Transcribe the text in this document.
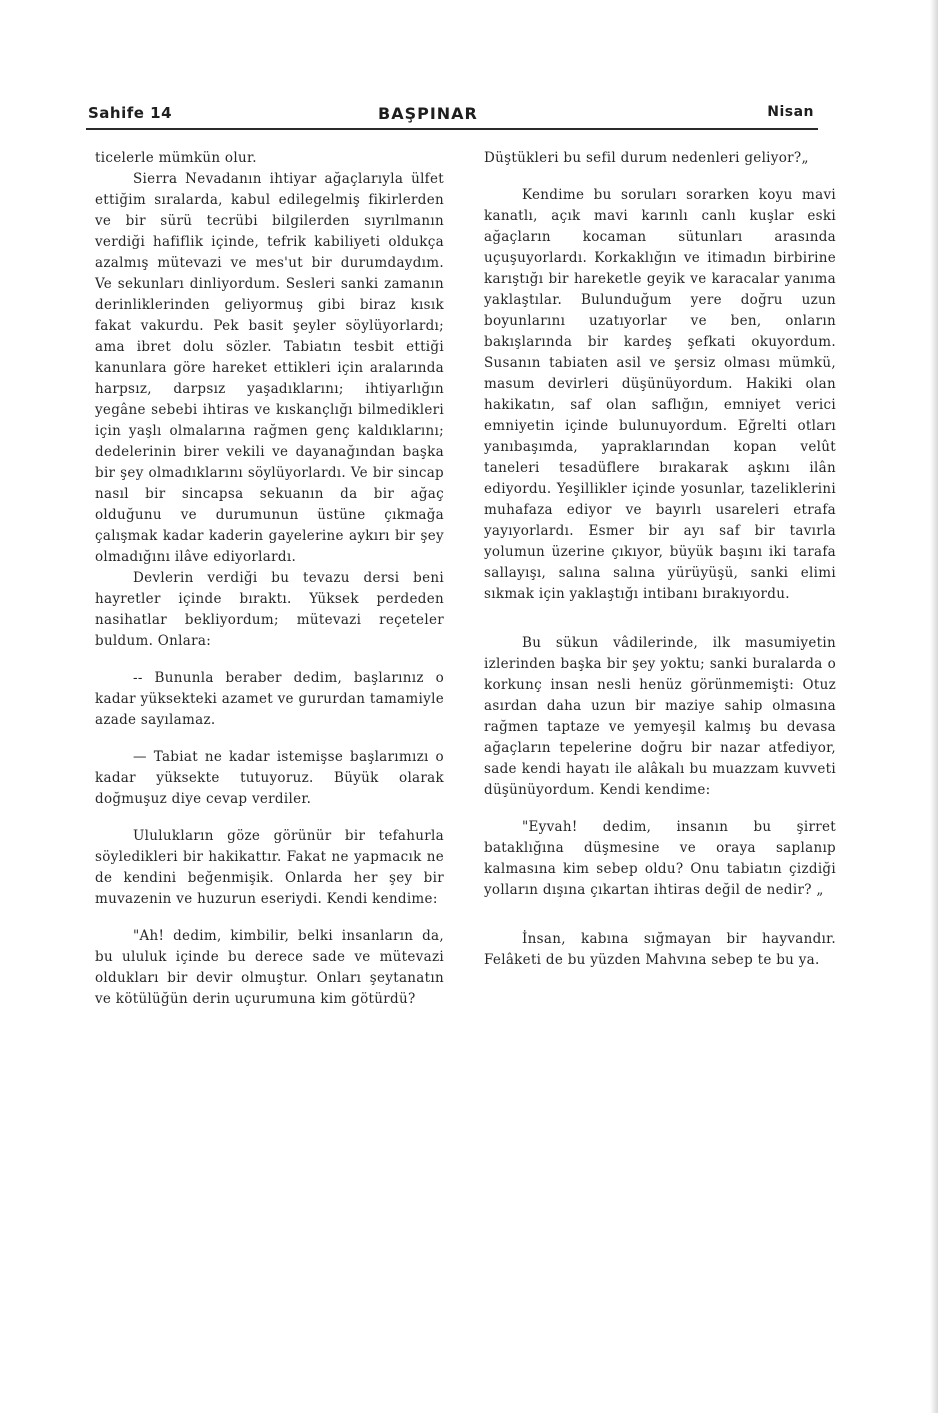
Sahife 14	BAŞPINAR	Nisan

ticelerle mümkün olur.

Sierra Nevadanın ihtiyar ağaçlarıyla ülfet ettiğim sıralarda, kabul edilegelmiş fikirlerden ve bir sürü tecrübi bilgilerden sıyrılmanın verdiği hafiflik içinde, tefrik kabiliyeti oldukça azalmış mütevazi ve mes'ut bir durumdaydım. Ve sekunları dinliyordum. Sesleri sanki zamanın derinliklerinden geliyormuş gibi biraz kısık fakat vakurdu. Pek basit şeyler söylüyorlardı; ama ibret dolu sözler. Tabiatın tesbit ettiği kanunlara göre hareket ettikleri için aralarında harpsız, darpsız yaşadıklarını; ihtiyarlığın yegâne sebebi ihtiras ve kıskançlığı bilmedikleri için yaşlı olmalarına rağmen genç kaldıklarını; dedelerinin birer vekili ve dayanağından başka bir şey olmadıklarını söylüyorlardı. Ve bir sincap nasıl bir sincapsa sekuanın da bir ağaç olduğunu ve durumunun üstüne çıkmağa çalışmak kadar kaderin gayelerine aykırı bir şey olmadığını ilâve ediyorlardı.

Devlerin verdiği bu tevazu dersi beni hayretler içinde bıraktı. Yüksek perdeden nasihatlar bekliyordum; mütevazi reçeteler buldum. Onlara:

-- Bununla beraber dedim, başlarınız o kadar yüksekteki azamet ve gururdan tamamiyle azade sayılamaz.

— Tabiat ne kadar istemişse başlarımızı o kadar yüksekte tutuyoruz. Büyük olarak doğmuşuz diye cevap verdiler.

Ululukların göze görünür bir tefahurla söyledikleri bir hakikattır. Fakat ne yapmacık ne de kendini beğenmişik. Onlarda her şey bir muvazenin ve huzurun eseriydi. Kendi kendime:

"Ah! dedim, kimbilir, belki insanların da, bu ululuk içinde bu derece sade ve mütevazi oldukları bir devir olmuştur. Onları şeytanatın ve kötülüğün derin uçurumuna kim götürdü?

Düştükleri bu sefil durum nedenleri geliyor?„

Kendime bu soruları sorarken koyu mavi kanatlı, açık mavi karınlı canlı kuşlar eski ağaçların kocaman sütunları arasında uçuşuyorlardı. Korkaklığın ve itimadın birbirine karıştığı bir hareketle geyik ve karacalar yanıma yaklaştılar. Bulunduğum yere doğru uzun boyunlarını uzatıyorlar ve ben, onların bakışlarında bir kardeş şefkati okuyordum. Susanın tabiaten asil ve şersiz olması mümkü, masum devirleri düşünüyordum. Hakiki olan hakikatın, saf olan saflığın, emniyet verici emniyetin içinde bulunuyordum. Eğrelti otları yanıbaşımda, yapraklarından kopan velût taneleri tesadüflere bırakarak aşkını ilân ediyordu. Yeşillikler içinde yosunlar, tazeliklerini muhafaza ediyor ve bayırlı usareleri etrafa yayıyorlardı. Esmer bir ayı saf bir tavırla yolumun üzerine çıkıyor, büyük başını iki tarafa sallayışı, salına salına yürüyüşü, sanki elimi sıkmak için yaklaştığı intibanı bırakıyordu.

Bu sükun vâdilerinde, ilk masumiyetin izlerinden başka bir şey yoktu; sanki buralarda o korkunç insan nesli henüz görünmemişti: Otuz asırdan daha uzun bir maziye sahip olmasına rağmen taptaze ve yemyeşil kalmış bu devasa ağaçların tepelerine doğru bir nazar atfediyor, sade kendi hayatı ile alâkalı bu muazzam kuvveti düşünüyordum. Kendi kendime:

"Eyvah! dedim, insanın bu şirret bataklığına düşmesine ve oraya saplanıp kalmasına kim sebep oldu? Onu tabiatın çizdiği yolların dışına çıkartan ihtiras değil de nedir? „

İnsan, kabına sığmayan bir hayvandır. Felâketi de bu yüzden Mahvına sebep te bu ya.
